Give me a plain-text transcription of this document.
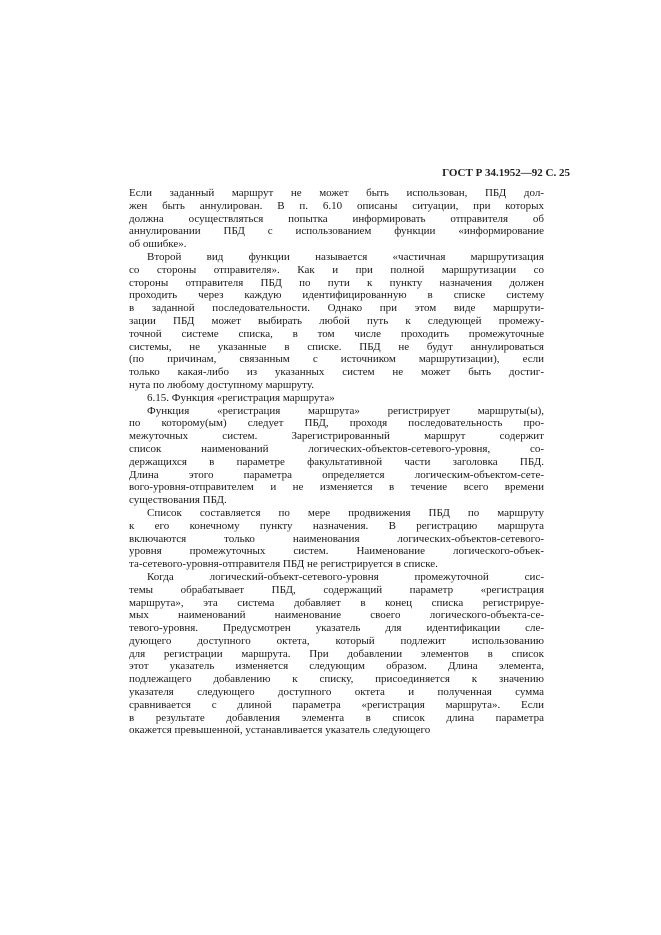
ГОСТ Р 34.1952—92 С. 25
Если заданный маршрут не может быть использован, ПБД дол-
жен быть аннулирован. В п. 6.10 описаны ситуации, при которых
должна осуществляться попытка информировать отправителя об
аннулировании ПБД с использованием функции «информирование
об ошибке».
Второй вид функции называется «частичная маршрутизация
со стороны отправителя». Как и при полной маршрутизации со
стороны отправителя ПБД по пути к пункту назначения должен
проходить через каждую идентифицированную в списке систему
в заданной последовательности. Однако при этом виде маршрути-
зации ПБД может выбирать любой путь к следующей промежу-
точной системе списка, в том числе проходить промежуточные
системы, не указанные в списке. ПБД не будут аннулироваться
(по причинам, связанным с источником маршрутизации), если
только какая-либо из указанных систем не может быть достиг-
нута по любому доступному маршруту.
6.15. Функция «регистрация маршрута»
Функция «регистрация маршрута» регистрирует маршруты(ы),
по которому(ым) следует ПБД, проходя последовательность про-
межуточных систем. Зарегистрированный маршрут содержит
список наименований логических-объектов-сетевого-уровня, со-
держащихся в параметре факультативной части заголовка ПБД.
Длина этого параметра определяется логическим-объектом-сете-
вого-уровня-отправителем и не изменяется в течение всего времени
существования ПБД.
Список составляется по мере продвижения ПБД по маршруту
к его конечному пункту назначения. В регистрацию маршрута
включаются только наименования логических-объектов-сетевого-
уровня промежуточных систем. Наименование логического-объек-
та-сетевого-уровня-отправителя ПБД не регистрируется в списке.
Когда логический-объект-сетевого-уровня промежуточной сис-
темы обрабатывает ПБД, содержащий параметр «регистрация
маршрута», эта система добавляет в конец списка регистрируе-
мых наименований наименование своего логического-объекта-се-
тевого-уровня. Предусмотрен указатель для идентификации сле-
дующего доступного октета, который подлежит использованию
для регистрации маршрута. При добавлении элементов в список
этот указатель изменяется следующим образом. Длина элемента,
подлежащего добавлению к списку, присоединяется к значению
указателя следующего доступного октета и полученная сумма
сравнивается с длиной параметра «регистрация маршрута». Если
в результате добавления элемента в список длина параметра
окажется превышенной, устанавливается указатель следующего
